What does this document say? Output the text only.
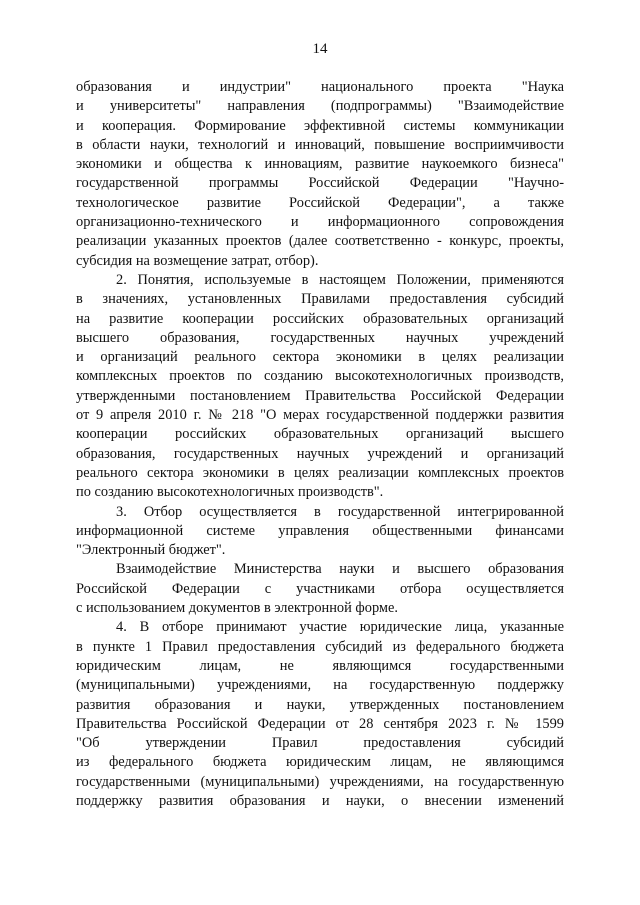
14
образования и индустрии" национального проекта "Наука
и университеты" направления (подпрограммы) "Взаимодействие
и кооперация. Формирование эффективной системы коммуникации
в области науки, технологий и инноваций, повышение восприимчивости
экономики и общества к инновациям, развитие наукоемкого бизнеса"
государственной программы Российской Федерации "Научно-
технологическое развитие Российской Федерации", а также
организационно-технического и информационного сопровождения
реализации указанных проектов (далее соответственно - конкурс, проекты,
субсидия на возмещение затрат, отбор).
2. Понятия, используемые в настоящем Положении, применяются
в значениях, установленных Правилами предоставления субсидий
на развитие кооперации российских образовательных организаций
высшего образования, государственных научных учреждений
и организаций реального сектора экономики в целях реализации
комплексных проектов по созданию высокотехнологичных производств,
утвержденными постановлением Правительства Российской Федерации
от 9 апреля 2010 г. № 218 "О мерах государственной поддержки развития
кооперации российских образовательных организаций высшего
образования, государственных научных учреждений и организаций
реального сектора экономики в целях реализации комплексных проектов
по созданию высокотехнологичных производств".
3. Отбор осуществляется в государственной интегрированной
информационной системе управления общественными финансами
"Электронный бюджет".
Взаимодействие Министерства науки и высшего образования
Российской Федерации с участниками отбора осуществляется
с использованием документов в электронной форме.
4. В отборе принимают участие юридические лица, указанные
в пункте 1 Правил предоставления субсидий из федерального бюджета
юридическим лицам, не являющимся государственными
(муниципальными) учреждениями, на государственную поддержку
развития образования и науки, утвержденных постановлением
Правительства Российской Федерации от 28 сентября 2023 г. № 1599
"Об утверждении Правил предоставления субсидий
из федерального бюджета юридическим лицам, не являющимся
государственными (муниципальными) учреждениями, на государственную
поддержку развития образования и науки, о внесении изменений
